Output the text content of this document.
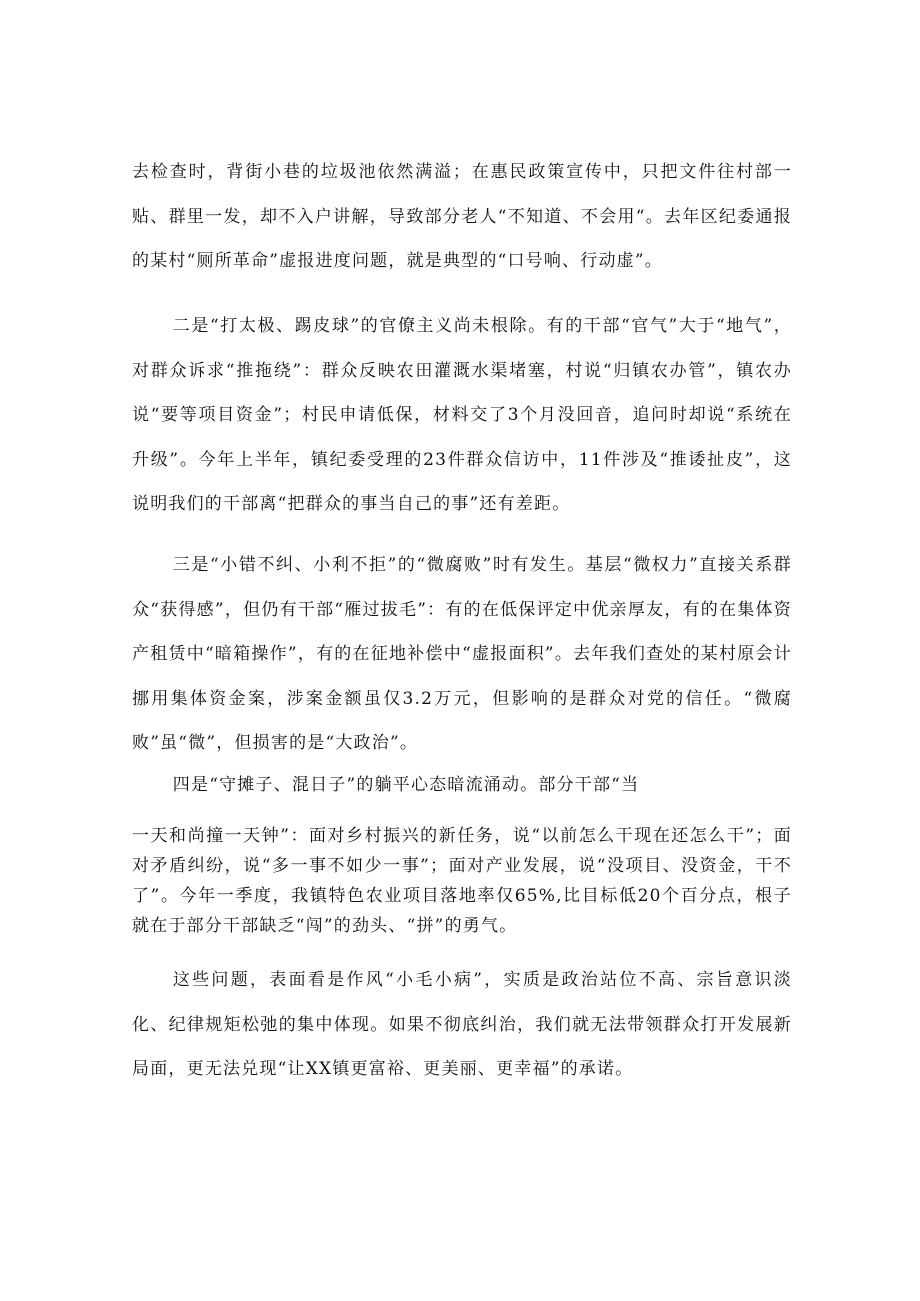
去检查时，背街小巷的垃圾池依然满溢；在惠民政策宣传中，只把文件往村部一贴、群里一发，却不入户讲解，导致部分老人“不知道、不会用“。去年区纪委通报的某村“厕所革命”虚报进度问题，就是典型的“口号响、行动虚”。

二是“打太极、踢皮球”的官僚主义尚未根除。有的干部“官气”大于“地气”，对群众诉求“推拖绕”：群众反映农田灌溉水渠堵塞，村说“归镇农办管”，镇农办说“要等项目资金”；村民申请低保，材料交了3个月没回音，追问时却说“系统在升级”。今年上半年，镇纪委受理的23件群众信访中，11件涉及“推诿扯皮”，这说明我们的干部离“把群众的事当自己的事”还有差距。

三是“小错不纠、小利不拒”的“微腐败”时有发生。基层“微权力”直接关系群众“获得感”，但仍有干部“雁过拔毛”：有的在低保评定中优亲厚友，有的在集体资产租赁中“暗箱操作”，有的在征地补偿中“虚报面积”。去年我们查处的某村原会计挪用集体资金案，涉案金额虽仅3.2万元，但影响的是群众对党的信任。“微腐败”虽“微”，但损害的是“大政治”。

四是“守摊子、混日子”的躺平心态暗流涌动。部分干部“当

一天和尚撞一天钟”：面对乡村振兴的新任务，说“以前怎么干现在还怎么干”；面对矛盾纠纷，说“多一事不如少一事”；面对产业发展，说“没项目、没资金，干不了”。今年一季度，我镇特色农业项目落地率仅65%,比目标低20个百分点，根子就在于部分干部缺乏“闯”的劲头、“拼”的勇气。

这些问题，表面看是作风“小毛小病”，实质是政治站位不高、宗旨意识淡化、纪律规矩松弛的集中体现。如果不彻底纠治，我们就无法带领群众打开发展新局面，更无法兑现“让XX镇更富裕、更美丽、更幸福”的承诺。
